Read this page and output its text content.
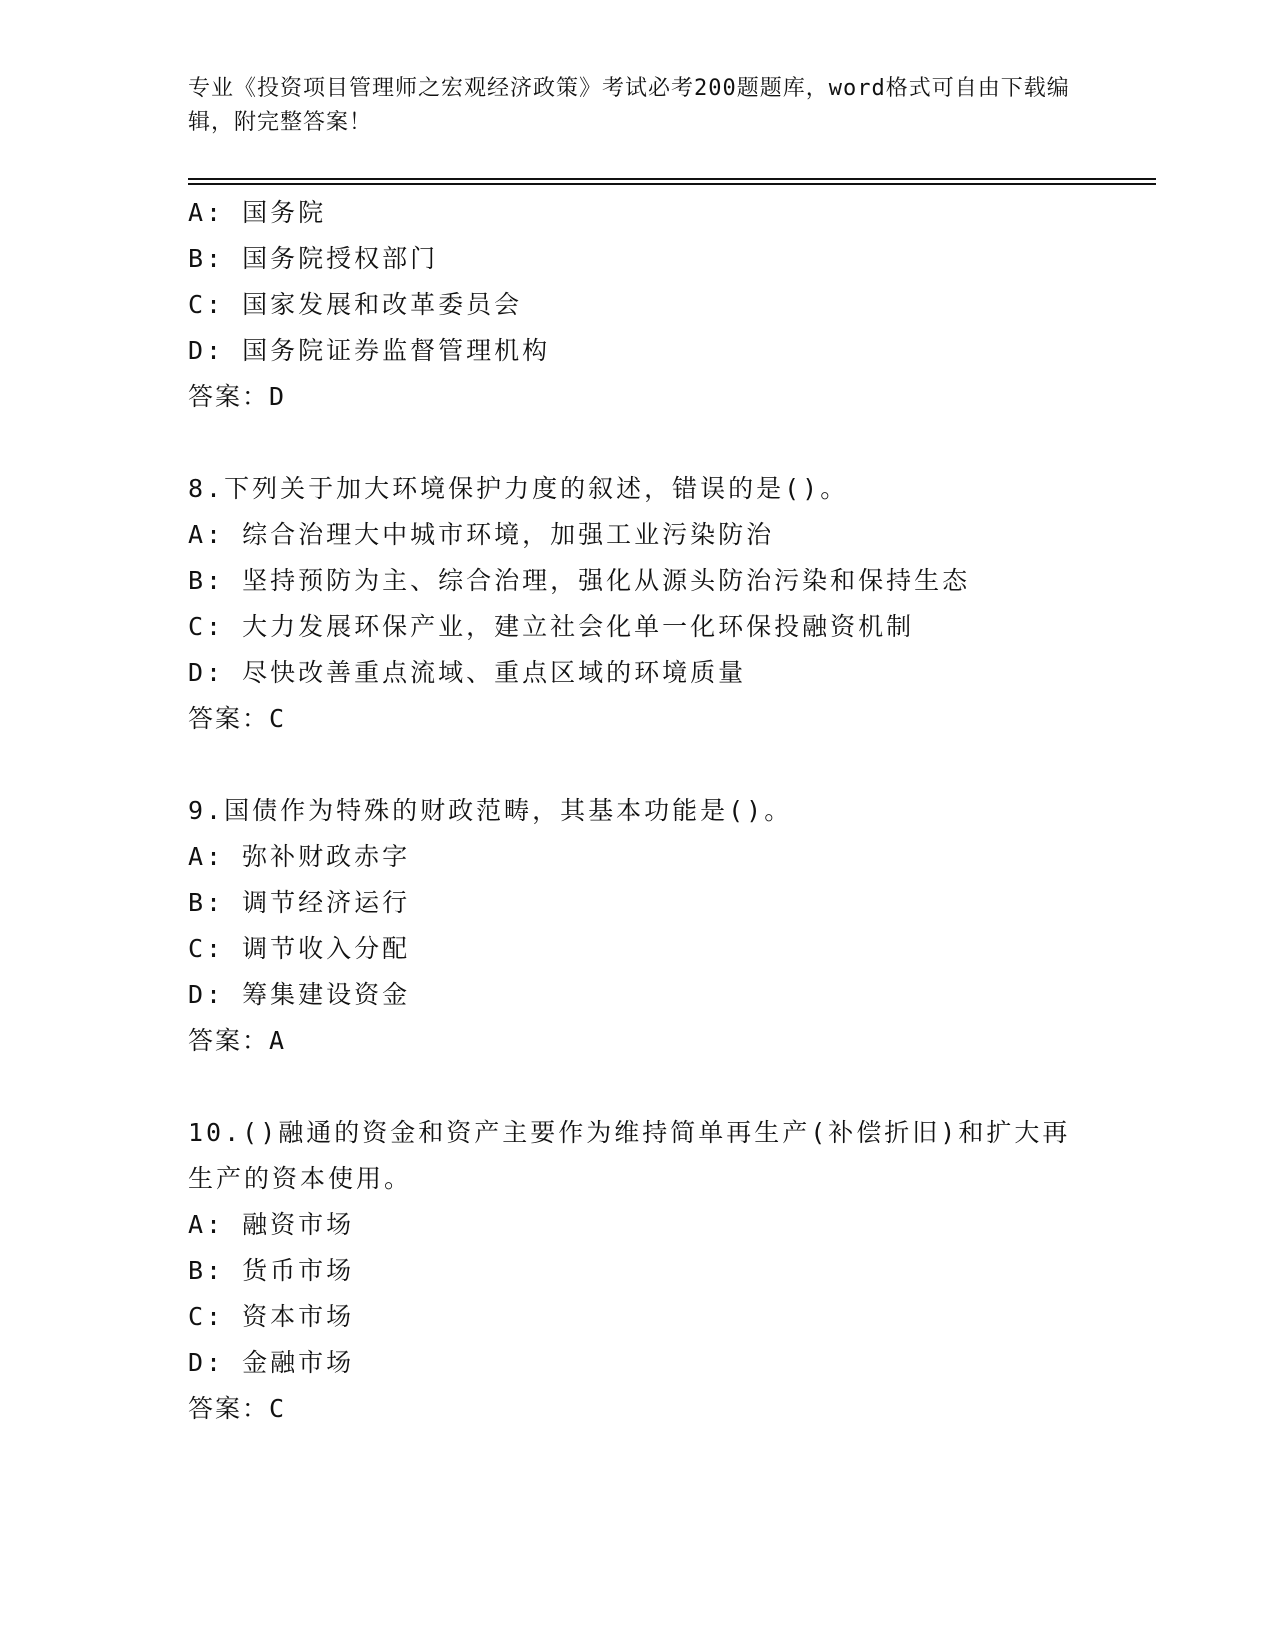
专业《投资项目管理师之宏观经济政策》考试必考200题题库，word格式可自由下载编辑，附完整答案！
A: 国务院
B: 国务院授权部门
C: 国家发展和改革委员会
D: 国务院证券监督管理机构
答案：D
8.下列关于加大环境保护力度的叙述，错误的是()。
A: 综合治理大中城市环境，加强工业污染防治
B: 坚持预防为主、综合治理，强化从源头防治污染和保持生态
C: 大力发展环保产业，建立社会化单一化环保投融资机制
D: 尽快改善重点流域、重点区域的环境质量
答案：C
9.国债作为特殊的财政范畴，其基本功能是()。
A: 弥补财政赤字
B: 调节经济运行
C: 调节收入分配
D: 筹集建设资金
答案：A
10.()融通的资金和资产主要作为维持简单再生产(补偿折旧)和扩大再生产的资本使用。
A: 融资市场
B: 货币市场
C: 资本市场
D: 金融市场
答案：C
